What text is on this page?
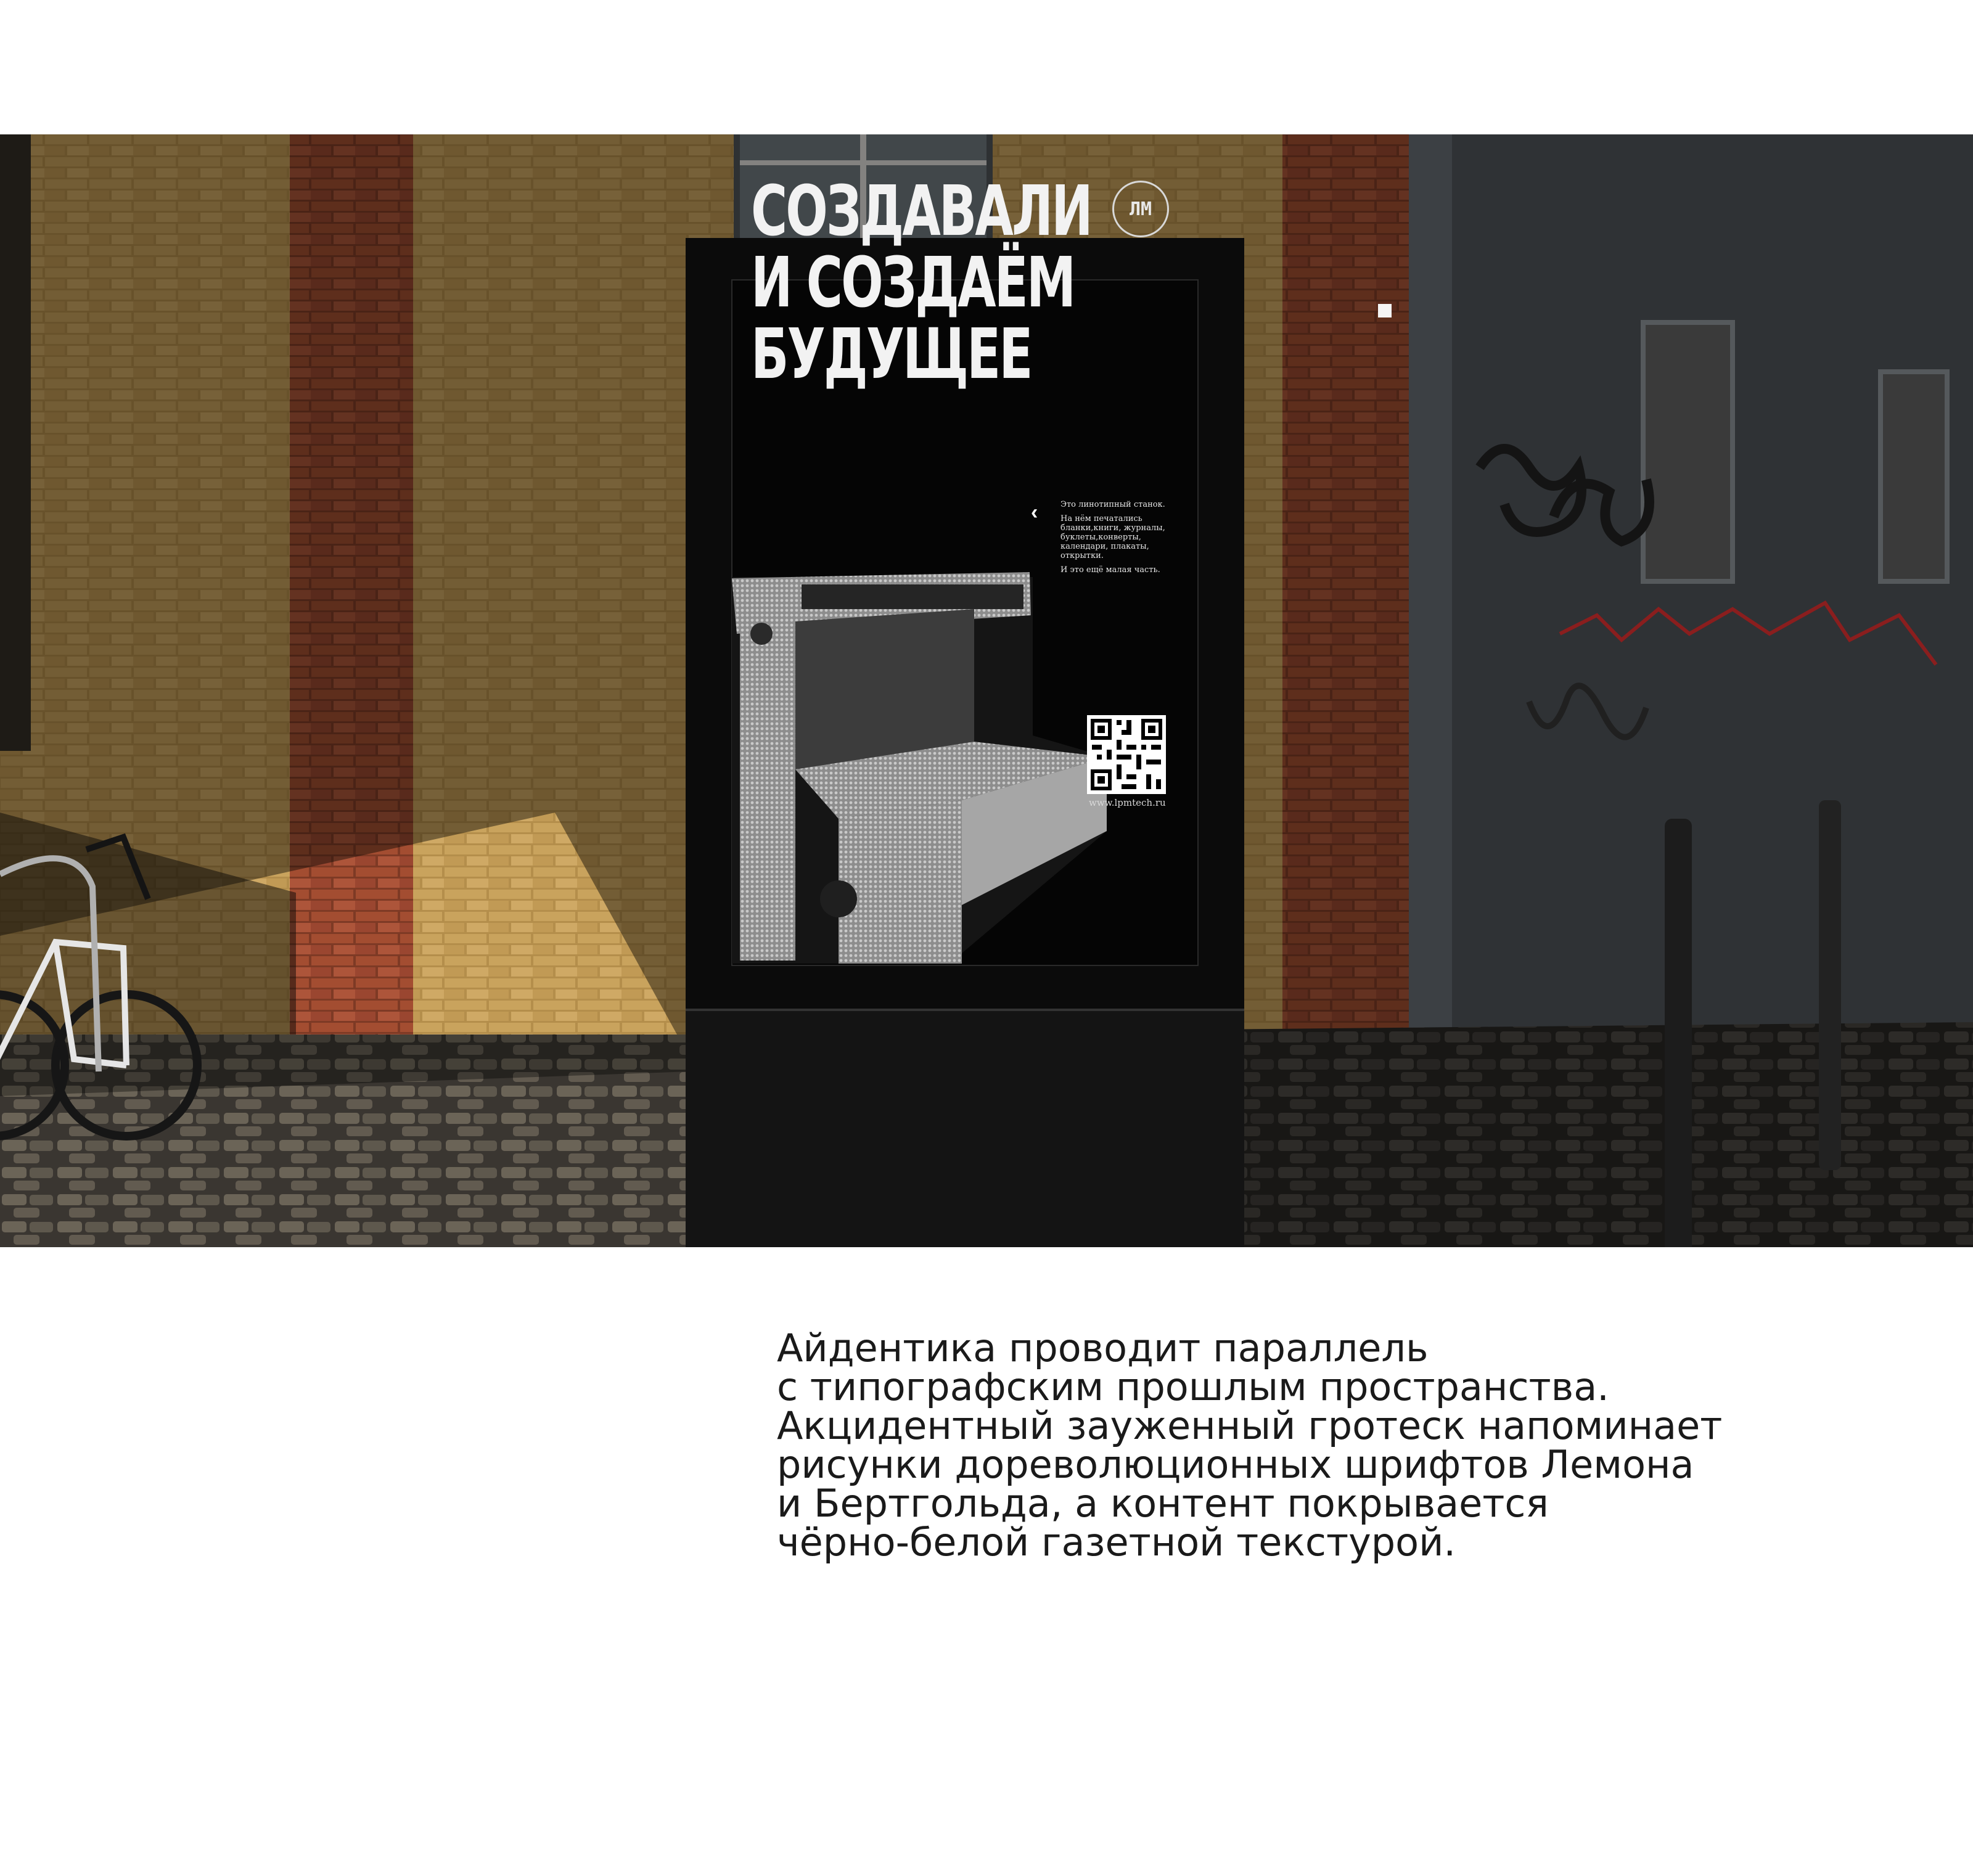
СОЗДАВАЛИ
И СОЗДАЁМ
БУДУЩЕЕ
ЛМ
‹	Это линотипный станок.

На нём печатались бланки,книги, журналы, буклеты,конверты, календари, плакаты, открытки.

И это ещё малая часть.

www.lpmtech.ru
Айдентика проводит параллель
с типографским прошлым пространства.
Акцидентный зауженный гротеск напоминает
рисунки дореволюционных шрифтов Лемона
и Бертгольда, а контент покрывается
чёрно-белой газетной текстурой.
